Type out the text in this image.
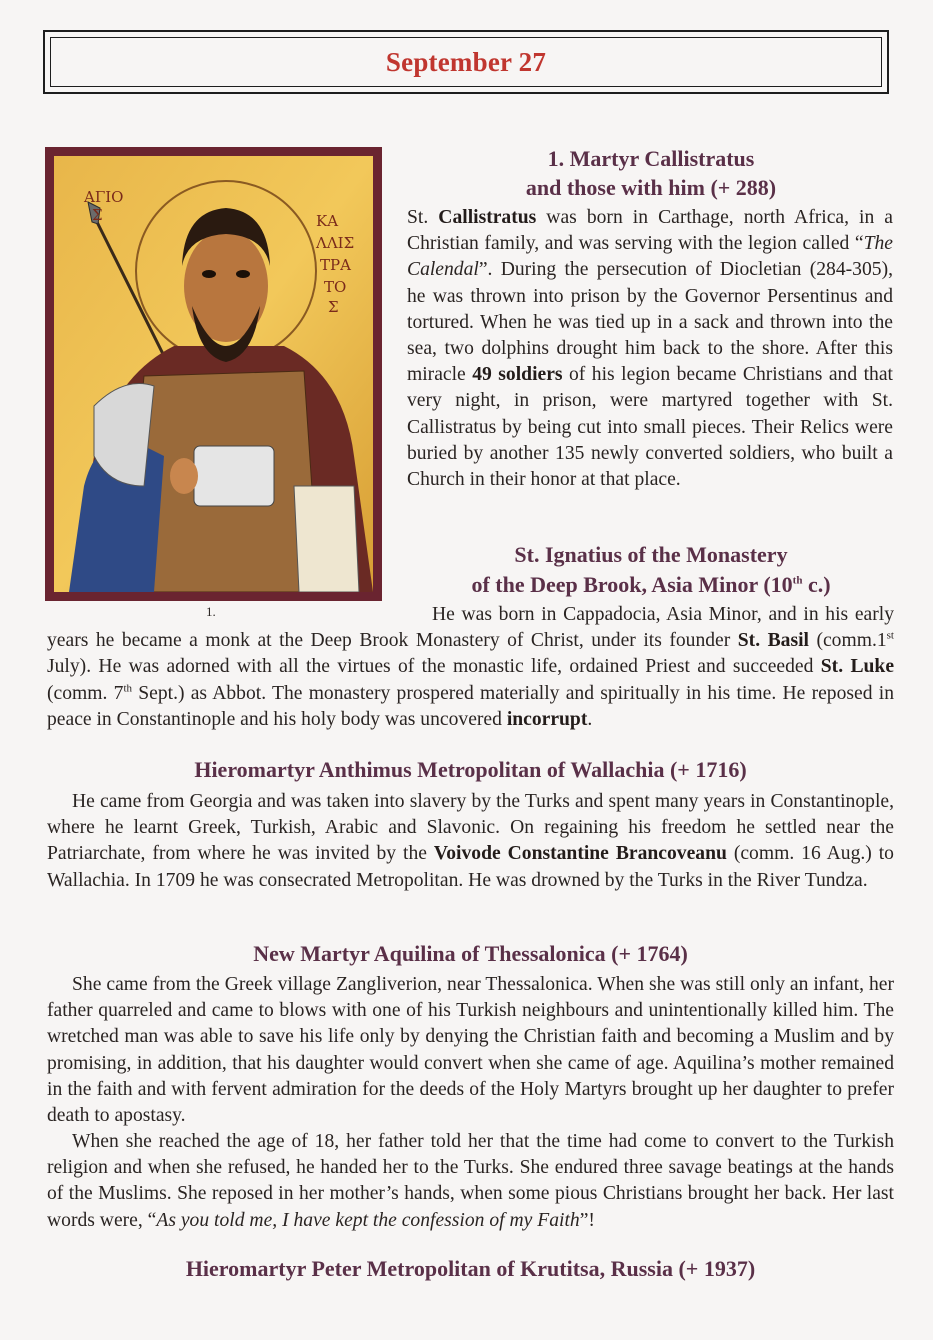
September 27
ΑΓΙΟ
Σ	ΚΑ
ΛΛΙΣ
ΤΡΑ
ΤΟ
Σ
1.
1. Martyr Callistratus
and those with him (+ 288)
St. Callistratus was born in Carthage, north Africa, in a Christian family, and was serving with the legion called “The Calendal”. During the persecution of Diocletian (284-305), he was thrown into prison by the Governor Persentinus and tortured. When he was tied up in a sack and thrown into the sea, two dolphins drought him back to the shore. After this miracle 49 soldiers of his legion became Christians and that very night, in prison, were martyred together with St. Callistratus by being cut into small pieces. Their Relics were buried by another 135 newly converted soldiers, who built a Church in their honor at that place.
St. Ignatius of the Monastery
of the Deep Brook, Asia Minor (10th c.)
He was born in Cappadocia, Asia Minor, and in his early years he became a monk at the Deep Brook Monastery of Christ, under its founder St. Basil (comm.1st July). He was adorned with all the virtues of the monastic life, ordained Priest and succeeded St. Luke (comm. 7th Sept.) as Abbot. The monastery prospered materially and spiritually in his time. He reposed in peace in Constantinople and his holy body was uncovered incorrupt.
Hieromartyr Anthimus Metropolitan of Wallachia (+ 1716)
He came from Georgia and was taken into slavery by the Turks and spent many years in Constantinople, where he learnt Greek, Turkish, Arabic and Slavonic. On regaining his freedom he settled near the Patriarchate, from where he was invited by the Voivode Constantine Brancoveanu (comm. 16 Aug.) to Wallachia. In 1709 he was consecrated Metropolitan. He was drowned by the Turks in the River Tundza.
New Martyr Aquilina of Thessalonica (+ 1764)
She came from the Greek village Zangliverion, near Thessalonica. When she was still only an infant, her father quarreled and came to blows with one of his Turkish neighbours and unintentionally killed him. The wretched man was able to save his life only by denying the Christian faith and becoming a Muslim and by promising, in addition, that his daughter would convert when she came of age. Aquilina’s mother remained in the faith and with fervent admiration for the deeds of the Holy Martyrs brought up her daughter to prefer death to apostasy.
When she reached the age of 18, her father told her that the time had come to convert to the Turkish religion and when she refused, he handed her to the Turks. She endured three savage beatings at the hands of the Muslims. She reposed in her mother’s hands, when some pious Christians brought her back. Her last words were, “As you told me, I have kept the confession of my Faith”!
Hieromartyr Peter Metropolitan of Krutitsa, Russia (+ 1937)
